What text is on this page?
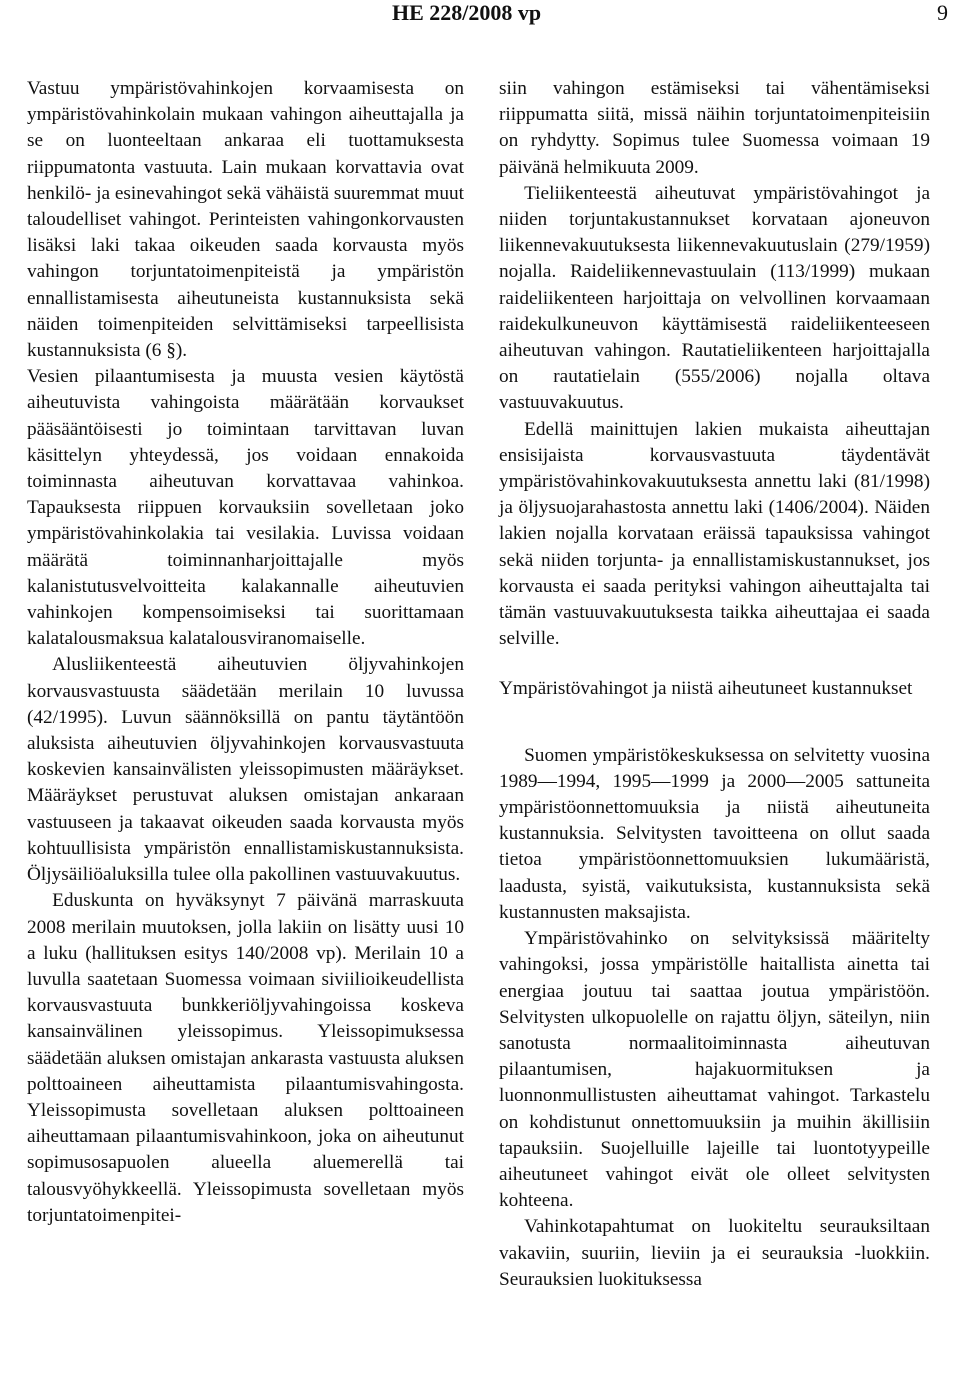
HE 228/2008 vp	9

Vastuu ympäristövahinkojen korvaamisesta on ympäristövahinkolain mukaan vahingon aiheuttajalla ja se on luonteeltaan ankaraa eli tuottamuksesta riippumatonta vastuuta. Lain mukaan korvattavia ovat henkilö- ja esinevahingot sekä vähäistä suuremmat muut taloudelliset vahingot. Perinteisten vahingonkorvausten lisäksi laki takaa oikeuden saada korvausta myös vahingon torjuntatoimenpiteistä ja ympäristön ennallistamisesta aiheutuneista kustannuksista sekä näiden toimenpiteiden selvittämiseksi tarpeellisista kustannuksista (6 §).

Vesien pilaantumisesta ja muusta vesien käytöstä aiheutuvista vahingoista määrätään korvaukset pääsääntöisesti jo toimintaan tarvittavan luvan käsittelyn yhteydessä, jos voidaan ennakoida toiminnasta aiheutuvan korvattavaa vahinkoa. Tapauksesta riippuen korvauksiin sovelletaan joko ympäristövahinkolakia tai vesilakia. Luvissa voidaan määrätä toiminnanharjoittajalle myös kalanistutusvelvoitteita kalakannalle aiheutuvien vahinkojen kompensoimiseksi tai suorittamaan kalatalousmaksua kalatalousviranomaiselle.

Alusliikenteestä aiheutuvien öljyvahinkojen korvausvastuusta säädetään merilain 10 luvussa (42/1995). Luvun säännöksillä on pantu täytäntöön aluksista aiheutuvien öljyvahinkojen korvausvastuuta koskevien kansainvälisten yleissopimusten määräykset. Määräykset perustuvat aluksen omistajan ankaraan vastuuseen ja takaavat oikeuden saada korvausta myös kohtuullisista ympäristön ennallistamiskustannuksista. Öljysäiliöaluksilla tulee olla pakollinen vastuuvakuutus.

Eduskunta on hyväksynyt 7 päivänä marraskuuta 2008 merilain muutoksen, jolla lakiin on lisätty uusi 10 a luku (hallituksen esitys 140/2008 vp). Merilain 10 a luvulla saatetaan Suomessa voimaan siviilioikeudellista korvausvastuuta bunkkeriöljyvahingoissa koskeva kansainvälinen yleissopimus. Yleissopimuksessa säädetään aluksen omistajan ankarasta vastuusta aluksen polttoaineen aiheuttamista pilaantumisvahingosta. Yleissopimusta sovelletaan aluksen polttoaineen aiheuttamaan pilaantumisvahinkoon, joka on aiheutunut sopimusosapuolen alueella aluemerellä tai talousvyöhykkeellä. Yleissopimusta sovelletaan myös torjuntatoimenpitei-

siin vahingon estämiseksi tai vähentämiseksi riippumatta siitä, missä näihin torjuntatoimenpiteisiin on ryhdytty. Sopimus tulee Suomessa voimaan 19 päivänä helmikuuta 2009.

Tieliikenteestä aiheutuvat ympäristövahingot ja niiden torjuntakustannukset korvataan ajoneuvon liikennevakuutuksesta liikennevakuutuslain (279/1959) nojalla. Raideliikennevastuulain (113/1999) mukaan raideliikenteen harjoittaja on velvollinen korvaamaan raidekulkuneuvon käyttämisestä raideliikenteeseen aiheutuvan vahingon. Rautatieliikenteen harjoittajalla on rautatielain (555/2006) nojalla oltava vastuuvakuutus.

Edellä mainittujen lakien mukaista aiheuttajan ensisijaista korvausvastuuta täydentävät ympäristövahinkovakuutuksesta annettu laki (81/1998) ja öljysuojarahastosta annettu laki (1406/2004). Näiden lakien nojalla korvataan eräissä tapauksissa vahingot sekä niiden torjunta- ja ennallistamiskustannukset, jos korvausta ei saada perityksi vahingon aiheuttajalta tai tämän vastuuvakuutuksesta taikka aiheuttajaa ei saada selville.

Ympäristövahingot ja niistä aiheutuneet kustannukset

Suomen ympäristökeskuksessa on selvitetty vuosina 1989—1994, 1995—1999 ja 2000—2005 sattuneita ympäristöonnettomuuksia ja niistä aiheutuneita kustannuksia. Selvitysten tavoitteena on ollut saada tietoa ympäristöonnettomuuksien lukumääristä, laadusta, syistä, vaikutuksista, kustannuksista sekä kustannusten maksajista.

Ympäristövahinko on selvityksissä määritelty vahingoksi, jossa ympäristölle haitallista ainetta tai energiaa joutuu tai saattaa joutua ympäristöön. Selvitysten ulkopuolelle on rajattu öljyn, säteilyn, niin sanotusta normaalitoiminnasta aiheutuvan pilaantumisen, hajakuormituksen ja luonnonmullistusten aiheuttamat vahingot. Tarkastelu on kohdistunut onnettomuuksiin ja muihin äkillisiin tapauksiin. Suojelluille lajeille tai luontotyypeille aiheutuneet vahingot eivät ole olleet selvitysten kohteena.

Vahinkotapahtumat on luokiteltu seurauksiltaan vakaviin, suuriin, lieviin ja ei seurauksia -luokkiin. Seurauksien luokituksessa
